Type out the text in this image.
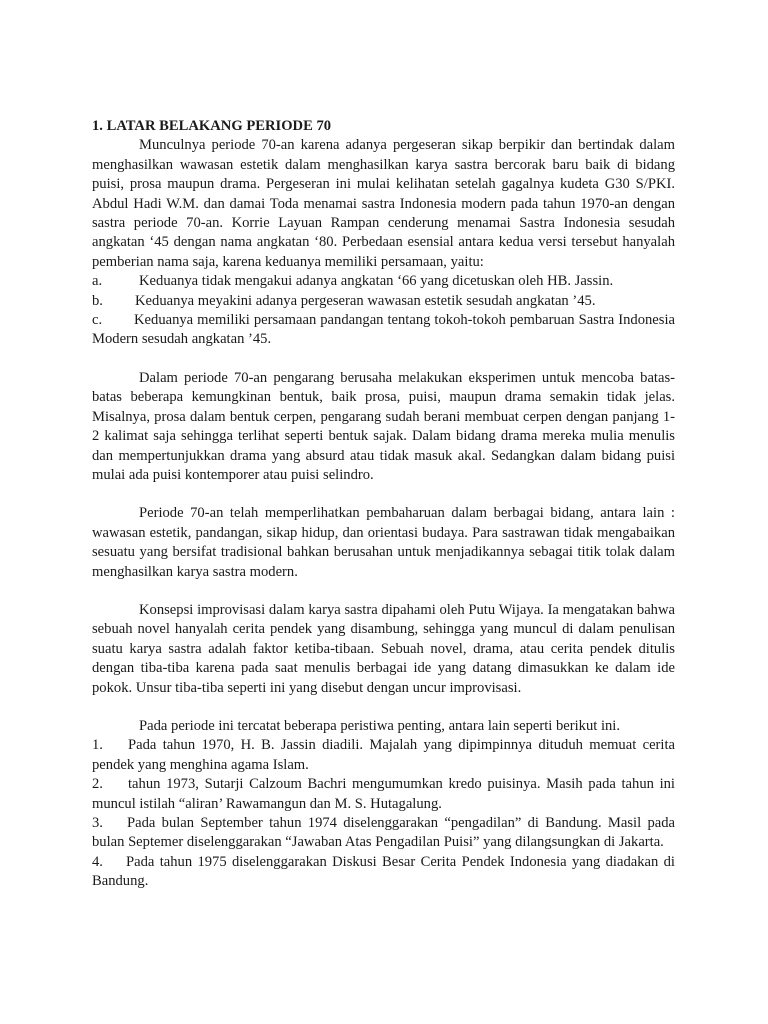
1. LATAR BELAKANG PERIODE 70

Munculnya periode 70-an karena adanya pergeseran sikap berpikir dan bertindak dalam menghasilkan wawasan estetik dalam menghasilkan karya sastra bercorak baru baik di bidang puisi, prosa maupun drama. Pergeseran ini mulai kelihatan setelah gagalnya kudeta G30 S/PKI. Abdul Hadi W.M. dan damai Toda menamai sastra Indonesia modern pada tahun 1970-an dengan sastra periode 70-an. Korrie Layuan Rampan cenderung menamai Sastra Indonesia sesudah angkatan ‘45 dengan nama angkatan ‘80. Perbedaan esensial antara kedua versi tersebut hanyalah pemberian nama saja, karena keduanya memiliki persamaan, yaitu:

a.	Keduanya tidak mengakui adanya angkatan ‘66 yang dicetuskan oleh HB. Jassin.

b. Keduanya meyakini adanya pergeseran wawasan estetik sesudah angkatan ’45.

c. Keduanya memiliki persamaan pandangan tentang tokoh-tokoh pembaruan Sastra Indonesia Modern sesudah angkatan ’45.

Dalam periode 70-an pengarang berusaha melakukan eksperimen untuk mencoba batas-batas beberapa kemungkinan bentuk, baik prosa, puisi, maupun drama semakin tidak jelas. Misalnya, prosa dalam bentuk cerpen, pengarang sudah berani membuat cerpen dengan panjang 1-2 kalimat saja sehingga terlihat seperti bentuk sajak. Dalam bidang drama mereka mulia menulis dan mempertunjukkan drama yang absurd atau tidak masuk akal. Sedangkan dalam bidang puisi mulai ada puisi kontemporer atau puisi selindro.

Periode 70-an telah memperlihatkan pembaharuan dalam berbagai bidang, antara lain : wawasan estetik, pandangan, sikap hidup, dan orientasi budaya. Para sastrawan tidak mengabaikan sesuatu yang bersifat tradisional bahkan berusahan untuk menjadikannya sebagai titik tolak dalam menghasilkan karya sastra modern.

Konsepsi improvisasi dalam karya sastra dipahami oleh Putu Wijaya. Ia mengatakan bahwa sebuah novel hanyalah cerita pendek yang disambung, sehingga yang muncul di dalam penulisan suatu karya sastra adalah faktor ketiba-tibaan. Sebuah novel, drama, atau cerita pendek ditulis dengan tiba-tiba karena pada saat menulis berbagai ide yang datang dimasukkan ke dalam ide pokok. Unsur tiba-tiba seperti ini yang disebut dengan uncur improvisasi.

Pada periode ini tercatat beberapa peristiwa penting, antara lain seperti berikut ini.

1. Pada tahun 1970, H. B. Jassin diadili. Majalah yang dipimpinnya dituduh memuat cerita pendek yang menghina agama Islam.

2. tahun 1973, Sutarji Calzoum Bachri mengumumkan kredo puisinya. Masih pada tahun ini muncul istilah “aliran’ Rawamangun dan M. S. Hutagalung.

3. Pada bulan September tahun 1974 diselenggarakan “pengadilan” di Bandung. Masil pada bulan Septemer diselenggarakan “Jawaban Atas Pengadilan Puisi” yang dilangsungkan di Jakarta.

4. Pada tahun 1975 diselenggarakan Diskusi Besar Cerita Pendek Indonesia yang diadakan di Bandung.
